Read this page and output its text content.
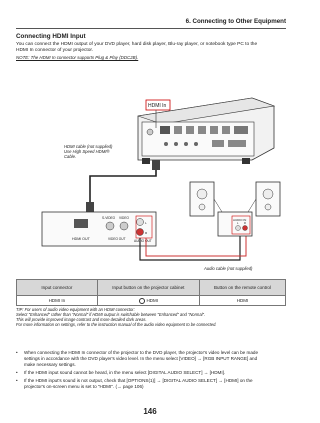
6. Connecting to Other Equipment
Connecting HDMI Input
You can connect the HDMI output of your DVD player, hard disk player, Blu-ray player, or notebook type PC to the
HDMI In connector of your projector.
NOTE: The HDMI In connector supports Plug & Play (DDC2B).
HDMI In
HDMI cable (not supplied)
Use High Speed HDMI®
Cable.
HDMI OUT
S-VIDEO VIDEO
VIDEO OUT	AUDIO OUT
L
R
Audio cable (not supplied)
AUDIO IN
L R
Input connector	Input button on the projector cabinet	Button on the remote control
HDMI In	HDMI	HDMI
TIP: For users of audio video equipment with an HDMI connector:
Select "Enhanced" rather than "Normal" if HDMI output is switchable between "Enhanced" and "Normal".
This will provide improved image contrast and more detailed dark areas.
For more information on settings, refer to the instruction manual of the audio video equipment to be connected.
• When connecting the HDMI In connector of the projector to the DVD player, the projector's video level can be made
settings in accordance with the DVD player's video level. In the menu select [VIDEO] → [RGB INPUT RANGE] and
make necessary settings.
• If the HDMI input sound cannot be heard, in the menu select [DIGITAL AUDIO SELECT] → [HDMI].
• If the HDMI input's sound is not output, check that [OPTIONS(1)] → [DIGITAL AUDIO SELECT] → [HDMI] on the
projector's on-screen menu is set to "HDMI". (→ page 106)
146
